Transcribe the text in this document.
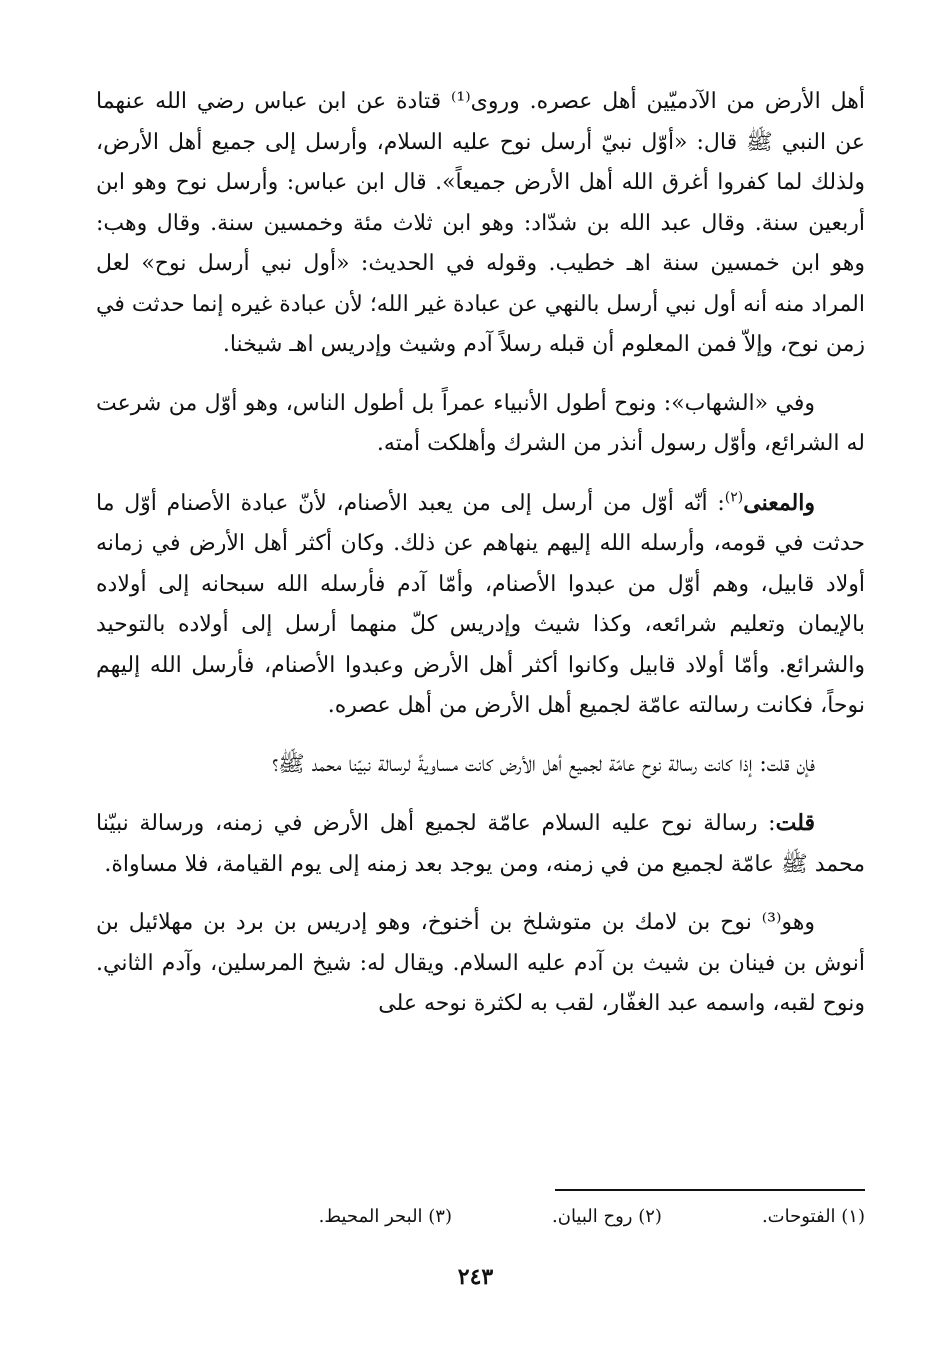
أهل الأرض من الآدميّين أهل عصره. وروى⁽¹⁾ قتادة عن ابن عباس رضي الله عنهما عن النبي ﷺ قال: «أوّل نبيّ أرسل نوح عليه السلام، وأرسل إلى جميع أهل الأرض، ولذلك لما كفروا أغرق الله أهل الأرض جميعاً». قال ابن عباس: وأرسل نوح وهو ابن أربعين سنة. وقال عبد الله بن شدّاد: وهو ابن ثلاث مئة وخمسين سنة. وقال وهب: وهو ابن خمسين سنة اهـ خطيب. وقوله في الحديث: «أول نبي أرسل نوح» لعل المراد منه أنه أول نبي أرسل بالنهي عن عبادة غير الله؛ لأن عبادة غيره إنما حدثت في زمن نوح، وإلاّ فمن المعلوم أن قبله رسلاً آدم وشيث وإدريس اهـ شيخنا.

وفي «الشهاب»: ونوح أطول الأنبياء عمراً بل أطول الناس، وهو أوّل من شرعت له الشرائع، وأوّل رسول أنذر من الشرك وأهلكت أمته.

والمعنى$^{(٢)}$: أنّه أوّل من أرسل إلى من يعبد الأصنام، لأنّ عبادة الأصنام أوّل ما حدثت في قومه، وأرسله الله إليهم ينهاهم عن ذلك. وكان أكثر أهل الأرض في زمانه أولاد قابيل، وهم أوّل من عبدوا الأصنام، وأمّا آدم فأرسله الله سبحانه إلى أولاده بالإيمان وتعليم شرائعه، وكذا شيث وإدريس كلّ منهما أرسل إلى أولاده بالتوحيد والشرائع. وأمّا أولاد قابيل وكانوا أكثر أهل الأرض وعبدوا الأصنام، فأرسل الله إليهم نوحاً، فكانت رسالته عامّة لجميع أهل الأرض من أهل عصره.

فإن قلت: إذا كانت رسالة نوح عامّة لجميع أهل الأرض كانت مساويةً لرسالة نبيّنا محمد ﷺ؟

قلت: رسالة نوح عليه السلام عامّة لجميع أهل الأرض في زمنه، ورسالة نبيّنا محمد ﷺ عامّة لجميع من في زمنه، ومن يوجد بعد زمنه إلى يوم القيامة، فلا مساواة.

وهو⁽³⁾ نوح بن لامك بن متوشلخ بن أخنوخ، وهو إدريس بن برد بن مهلائيل بن أنوش بن فينان بن شيث بن آدم عليه السلام. ويقال له: شيخ المرسلين، وآدم الثاني. ونوح لقبه، واسمه عبد الغفّار، لقب به لكثرة نوحه على

(١) الفتوحات.
(٢) روح البيان.
(٣) البحر المحيط.
٢٤٣
